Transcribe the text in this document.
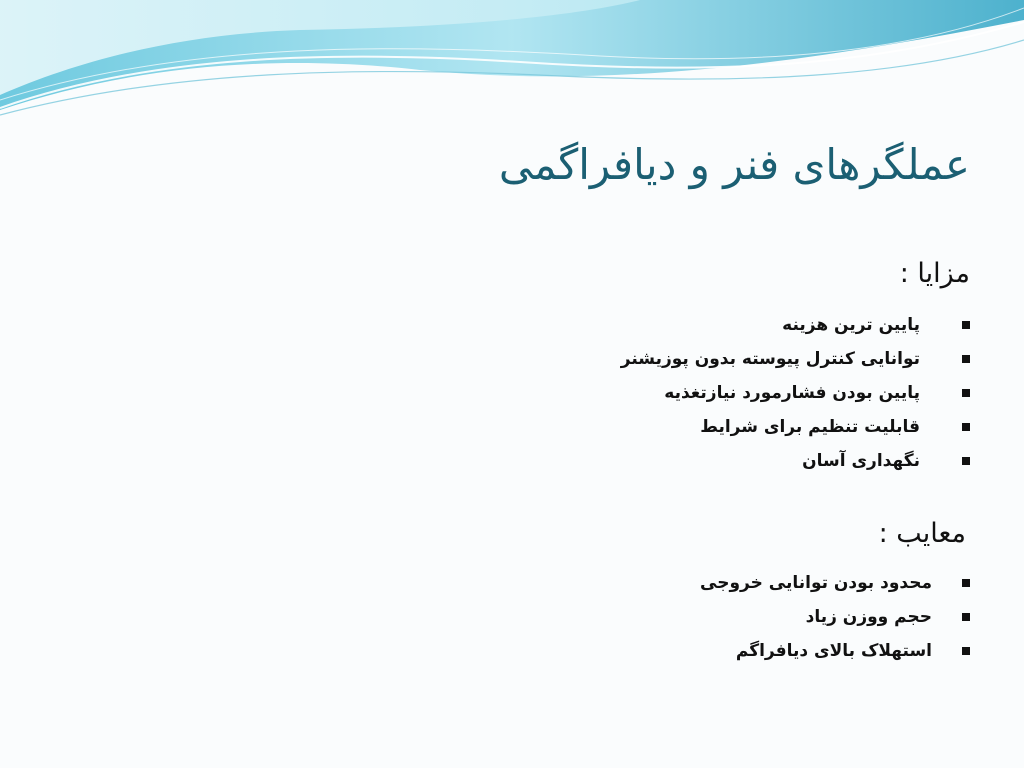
عملگرهای فنر و دیافراگمی
مزایا :
پایین ترین هزینه
توانایی کنترل پیوسته بدون پوزیشنر
پایین بودن فشارمورد نیازتغذیه
قابلیت تنظیم برای شرایط
نگهداری آسان
معایب :
محدود بودن توانایی خروجی
حجم ووزن زیاد
استهلاک بالای دیافراگم
